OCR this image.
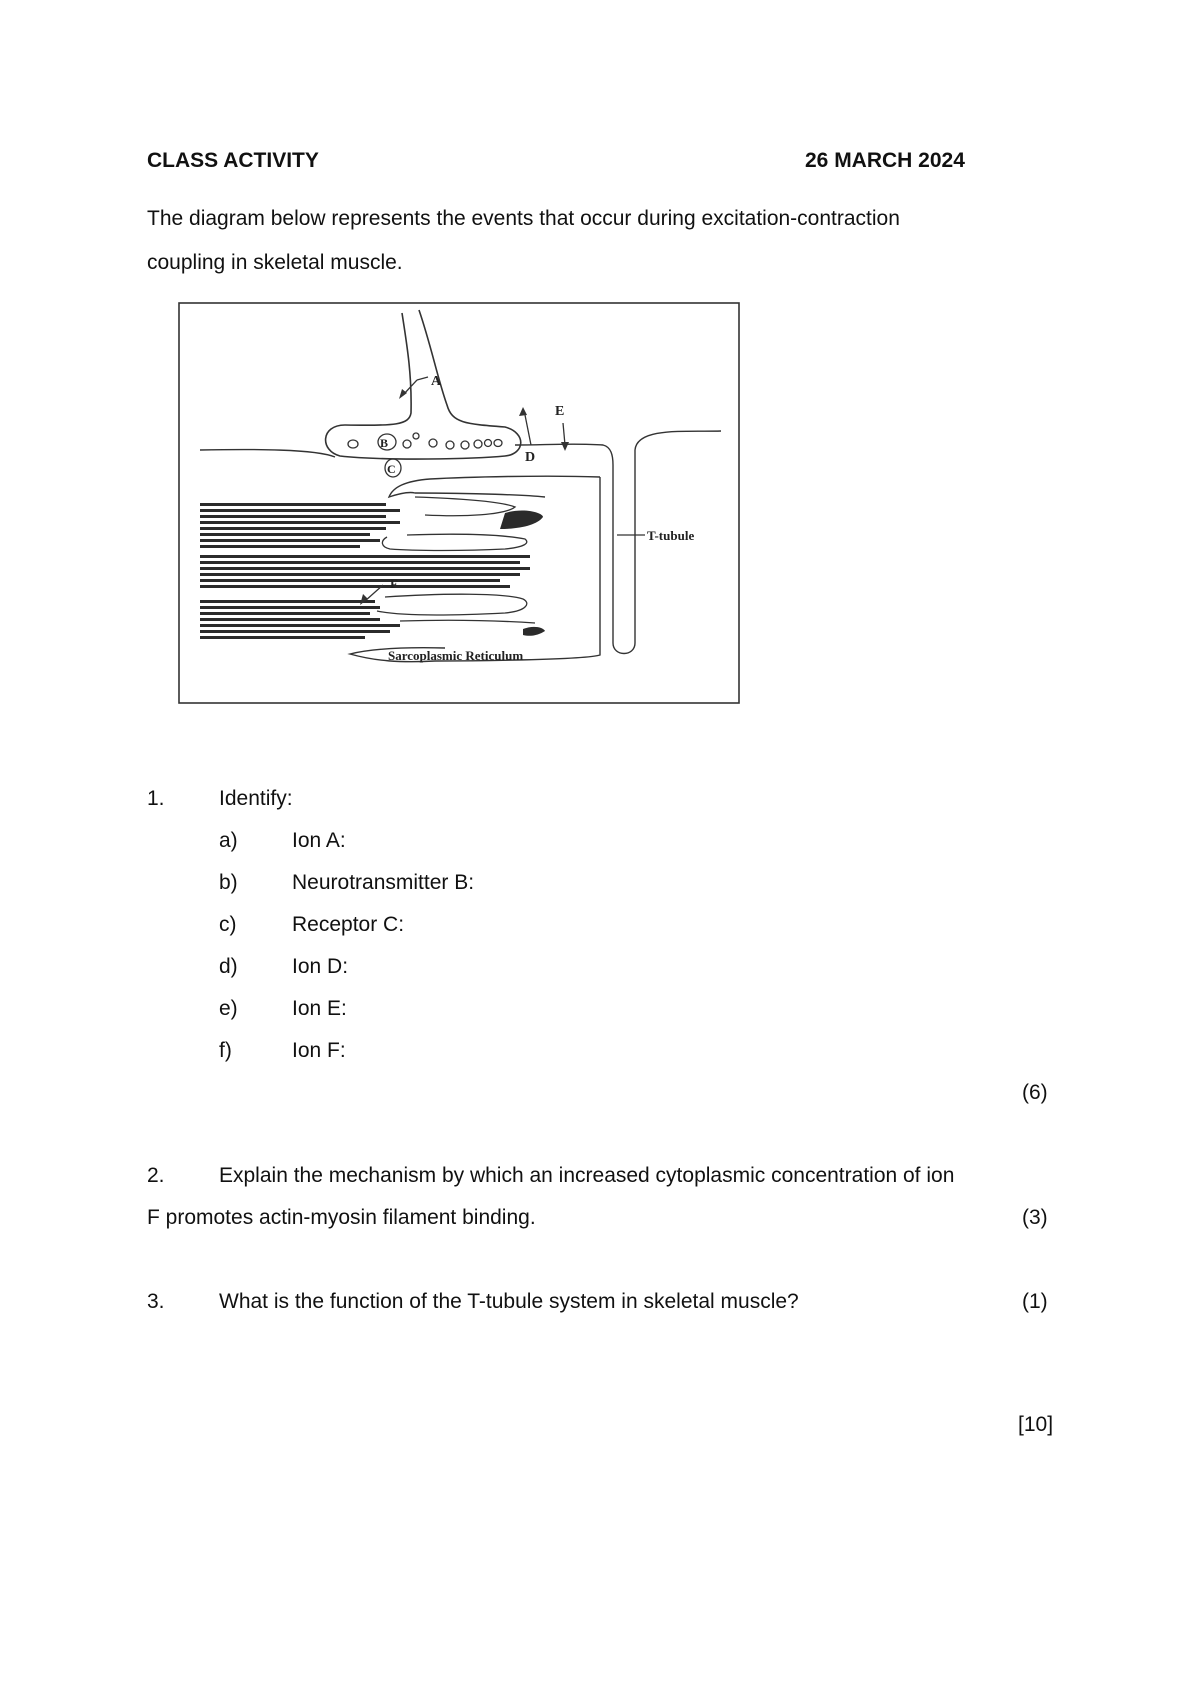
CLASS ACTIVITY	26 MARCH 2024
The diagram below represents the events that occur during excitation-contraction
coupling in skeletal muscle.
A
D
E
B
C
T-tubule
F
Sarcoplasmic Reticulum
1.	Identify:
a)	Ion A:
b)	Neurotransmitter B:
c)	Receptor C:
d)	Ion D:
e)	Ion E:
f)	Ion F:
(6)
2.	Explain the mechanism by which an increased cytoplasmic concentration of ion
F promotes actin-myosin filament binding.	(3)
3.	What is the function of the T-tubule system in skeletal muscle?	(1)
[10]
